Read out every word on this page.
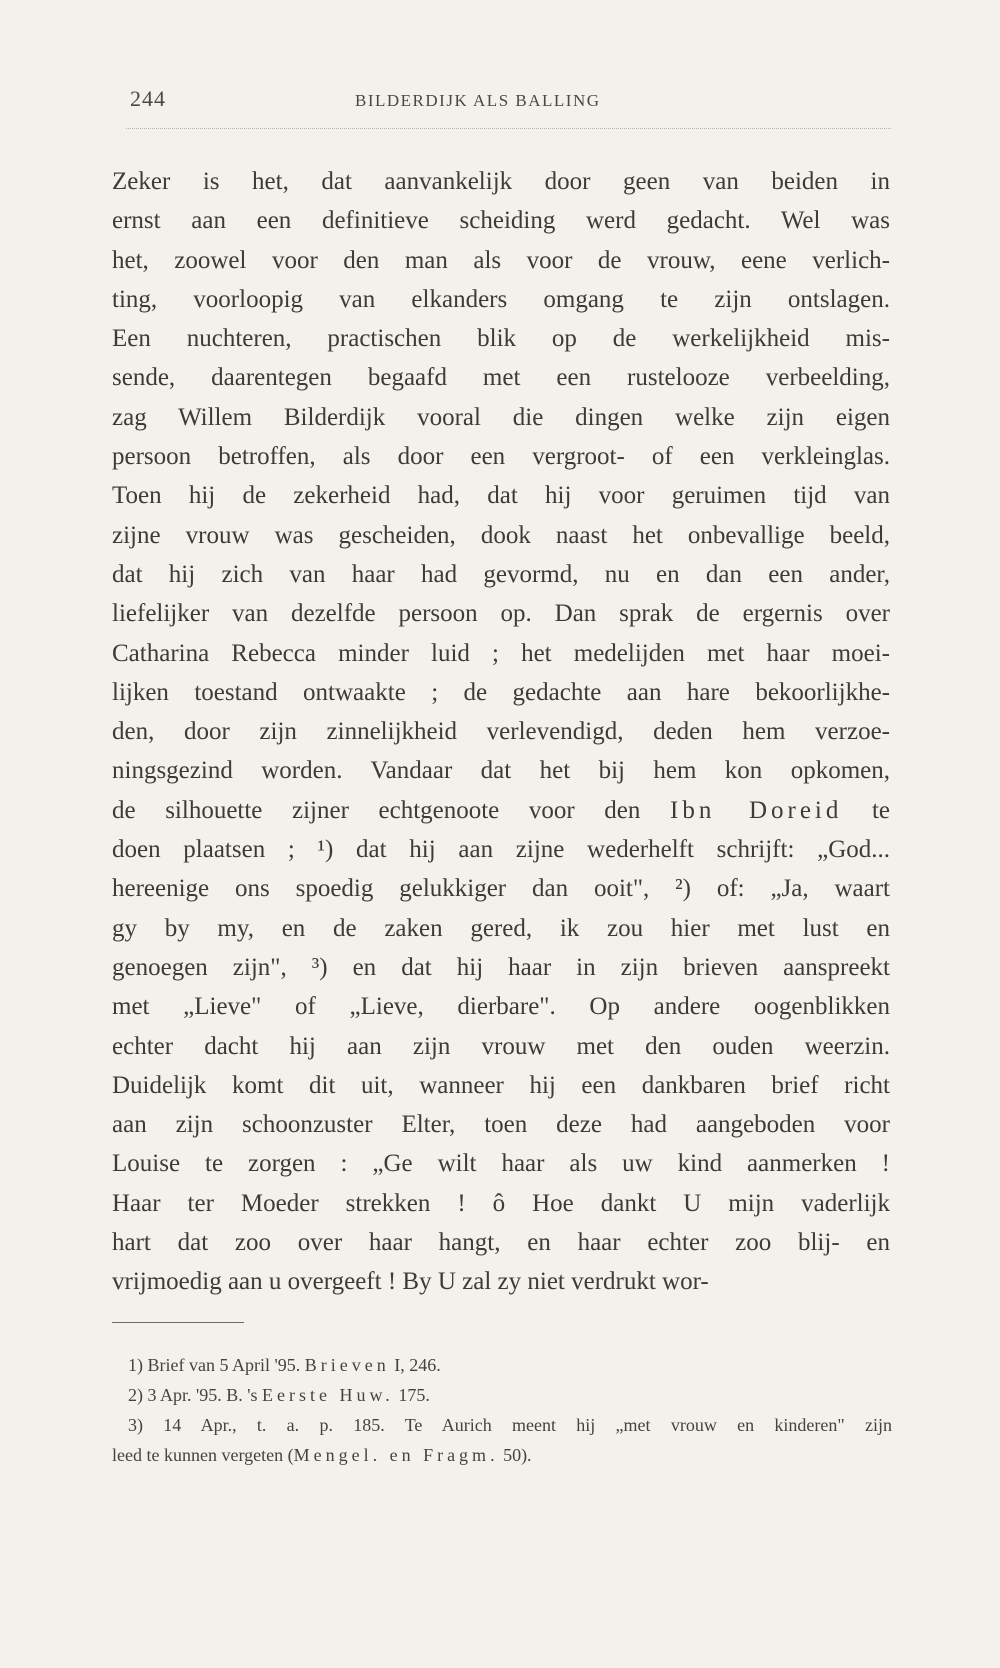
244	BILDERDIJK ALS BALLING
Zeker is het, dat aanvankelijk door geen van beiden in
ernst aan een definitieve scheiding werd gedacht. Wel was
het, zoowel voor den man als voor de vrouw, eene verlich-
ting, voorloopig van elkanders omgang te zijn ontslagen.
Een nuchteren, practischen blik op de werkelijkheid mis-
sende, daarentegen begaafd met een rustelooze verbeelding,
zag Willem Bilderdijk vooral die dingen welke zijn eigen
persoon betroffen, als door een vergroot- of een verkleinglas.
Toen hij de zekerheid had, dat hij voor geruimen tijd van
zijne vrouw was gescheiden, dook naast het onbevallige beeld,
dat hij zich van haar had gevormd, nu en dan een ander,
liefelijker van dezelfde persoon op. Dan sprak de ergernis over
Catharina Rebecca minder luid ; het medelijden met haar moei-
lijken toestand ontwaakte ; de gedachte aan hare bekoorlijkhe-
den, door zijn zinnelijkheid verlevendigd, deden hem verzoe-
ningsgezind worden. Vandaar dat het bij hem kon opkomen,
de silhouette zijner echtgenoote voor den Ibn Doreid te
doen plaatsen ; ¹) dat hij aan zijne wederhelft schrijft: „God...
hereenige ons spoedig gelukkiger dan ooit", ²) of: „Ja, waart
gy by my, en de zaken gered, ik zou hier met lust en
genoegen zijn", ³) en dat hij haar in zijn brieven aanspreekt
met „Lieve" of „Lieve, dierbare". Op andere oogenblikken
echter dacht hij aan zijn vrouw met den ouden weerzin.
Duidelijk komt dit uit, wanneer hij een dankbaren brief richt
aan zijn schoonzuster Elter, toen deze had aangeboden voor
Louise te zorgen : „Ge wilt haar als uw kind aanmerken !
Haar ter Moeder strekken ! ô Hoe dankt U mijn vaderlijk
hart dat zoo over haar hangt, en haar echter zoo blij- en
vrijmoedig aan u overgeeft ! By U zal zy niet verdrukt wor-
1) Brief van 5 April '95. Brieven I, 246.
2) 3 Apr. '95. B. 's Eerste Huw. 175.
3) 14 Apr., t. a. p. 185. Te Aurich meent hij „met vrouw en kinderen" zijn
leed te kunnen vergeten (Mengel. en Fragm. 50).
